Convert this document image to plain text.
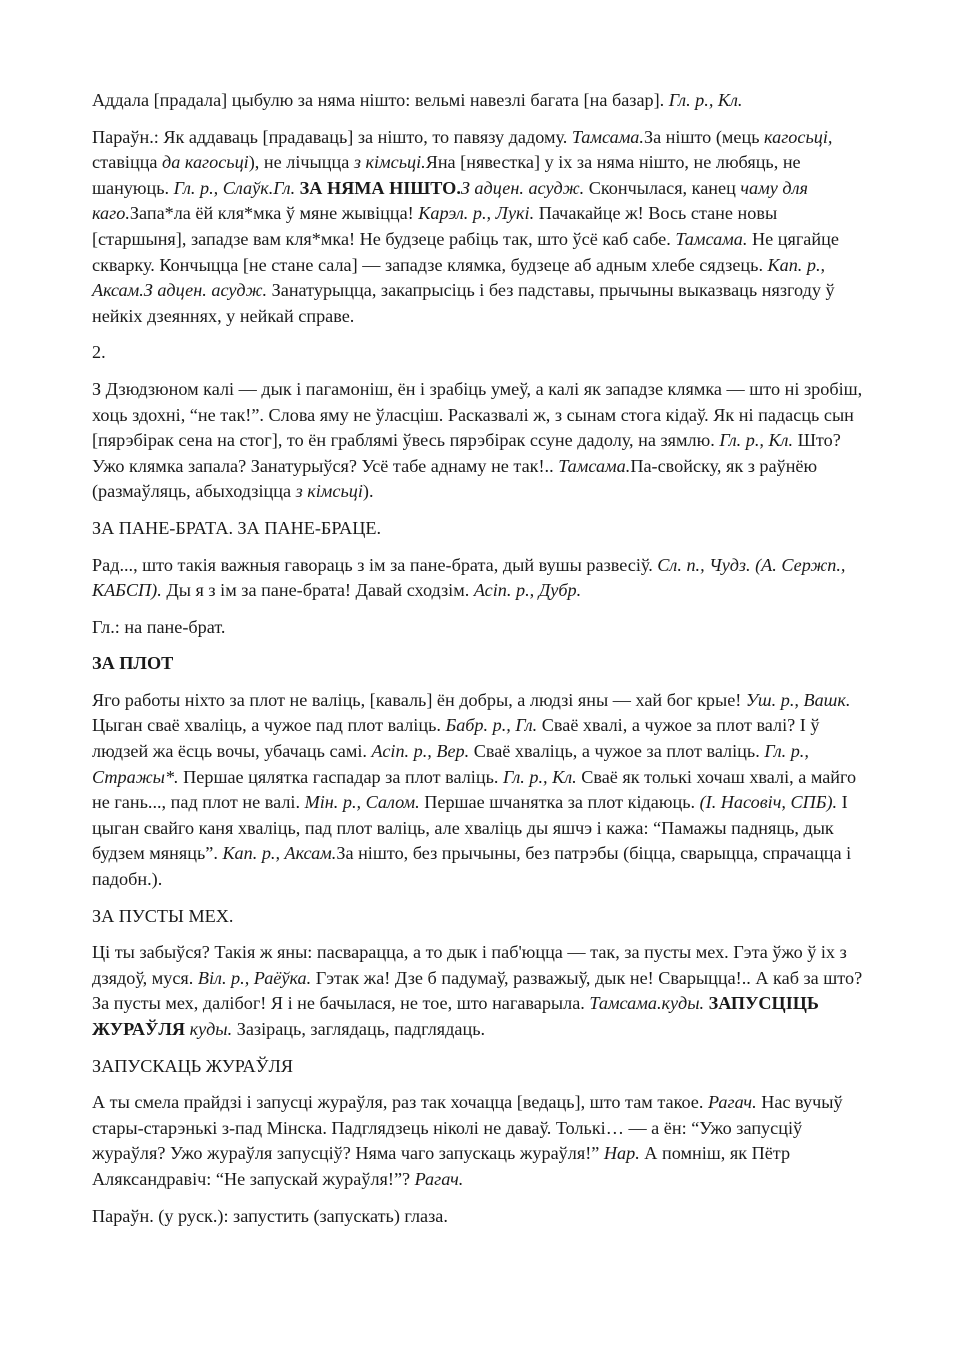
Аддала [прадала] цыбулю за няма нішто: вельмі навезлі багата [на базар]. Гл. р., Кл.

Параўн.: Як аддаваць [прадаваць] за нішто, то павязу дадому. Тамсама.За нішто (мець кагосьці, ставіцца да кагосьці), не лічыцца з кімсьці.Яна [нявестка] у іх за няма нішто, не любяць, не шануюць. Гл. р., Слаўк.Гл. ЗА НЯМА НІШТО.З адцен. асудж. Скончылася, канец чаму для каго.Запа*ла ёй кля*мка ў мяне жывіцца! Карэл. р., Лукі. Пачакайце ж! Вось стане новы [старшыня], западзе вам кля*мка! Не будзеце рабіць так, што ўсё каб сабе. Тамсама. Не цягайце скварку. Кончыцца [не стане сала] — западзе клямка, будзеце аб адным хлебе сядзець. Кап. р., Аксам.З адцен. асудж. Занатурыцца, закапрысіць і без падставы, прычыны выказваць нязгоду ў нейкіх дзеяннях, у нейкай справе.

2.

З Дзюдзюном калі — дык і пагамоніш, ён і зрабіць умеў, а калі як западзе клямка — што ні зробіш, хоць здохні, “не так!”. Слова яму не ўласціш. Расказвалі ж, з сынам стога кідаў. Як ні падасць сын [пярэбірак сена на стог], то ён граблямі ўвесь пярэбірак ссуне дадолу, на зямлю. Гл. р., Кл. Што? Ужо клямка запала? Занатурыўся? Усё табе аднаму не так!.. Тамсама.Па-свойску, як з раўнёю (размаўляць, абыходзіцца з кімсьці).

ЗА ПАНЕ-БРАТА. ЗА ПАНЕ-БРАЦЕ.

Рад..., што такія важныя гавораць з ім за пане-брата, дый вушы развесіў. Сл. п., Чудз. (А. Сержп., КАБСП). Ды я з ім за пане-брата! Давай сходзім. Асіп. р., Дубр.

Гл.: на пане-брат.

ЗА ПЛОТ

Яго работы ніхто за плот не валіць, [каваль] ён добры, а людзі яны — хай бог крые! Уш. р., Вашк. Цыган сваё хваліць, а чужое пад плот валіць. Бабр. р., Гл. Сваё хвалі, а чужое за плот валі? І ў людзей жа ёсць вочы, убачаць самі. Асіп. р., Вер. Сваё хваліць, а чужое за плот валіць. Гл. р., Стражы*. Першае цялятка гаспадар за плот валіць. Гл. р., Кл. Сваё як толькі хочаш хвалі, а майго не гань..., пад плот не валі. Мін. р., Салом. Першае шчанятка за плот кідаюць. (І. Насовіч, СПБ). І цыган свайго каня хваліць, пад плот валіць, але хваліць ды яшчэ і кажа: “Памажы падняць, дык будзем мяняць”. Кап. р., Аксам.За нішто, без прычыны, без патрэбы (біцца, сварыцца, спрачацца і падобн.).

ЗА ПУСТЫ МЕХ.

Ці ты забыўся? Такія ж яны: пасварацца, а то дык і паб'юцца — так, за пусты мех. Гэта ўжо ў іх з дзядоў, муся. Віл. р., Раёўка. Гэтак жа! Дзе б падумаў, разважыў, дык не! Сварыцца!.. А каб за што? За пусты мех, далібог! Я і не бачылася, не тое, што нагаварыла. Тамсама.куды. ЗАПУСЦІЦЬ ЖУРАЎЛЯ куды. Зазіраць, заглядаць, падглядаць.

ЗАПУСКАЦЬ ЖУРАЎЛЯ

А ты смела прайдзі і запусці жураўля, раз так хочацца [ведаць], што там такое. Рагач. Нас вучыў стары-старэнькі з-пад Мінска. Падглядзець ніколі не даваў. Толькі… — а ён: “Ужо запусціў жураўля? Ужо жураўля запусціў? Няма чаго запускаць жураўля!” Нар. А помніш, як Пётр Аляксандравіч: “Не запускай жураўля!”? Рагач.

Параўн. (у руск.): запустить (запускать) глаза.
